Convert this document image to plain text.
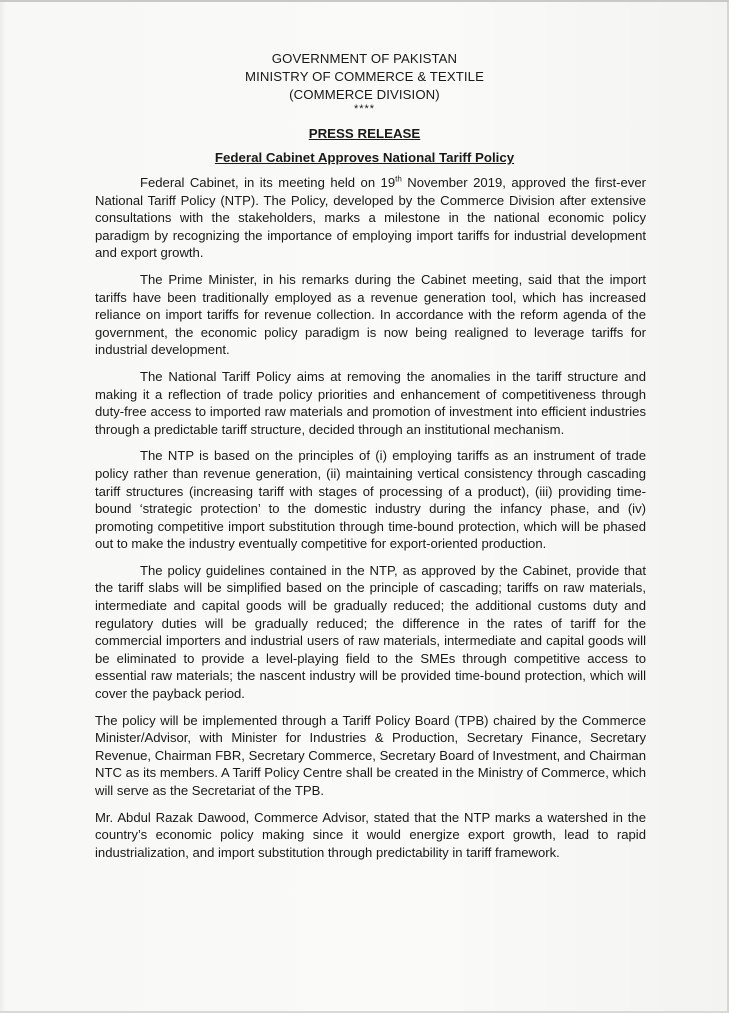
GOVERNMENT OF PAKISTAN
MINISTRY OF COMMERCE & TEXTILE
(COMMERCE DIVISION)
****
PRESS RELEASE
Federal Cabinet Approves National Tariff Policy

Federal Cabinet, in its meeting held on 19th November 2019, approved the first-ever National Tariff Policy (NTP). The Policy, developed by the Commerce Division after extensive consultations with the stakeholders, marks a milestone in the national economic policy paradigm by recognizing the importance of employing import tariffs for industrial development and export growth.

The Prime Minister, in his remarks during the Cabinet meeting, said that the import tariffs have been traditionally employed as a revenue generation tool, which has increased reliance on import tariffs for revenue collection. In accordance with the reform agenda of the government, the economic policy paradigm is now being realigned to leverage tariffs for industrial development.

The National Tariff Policy aims at removing the anomalies in the tariff structure and making it a reflection of trade policy priorities and enhancement of competitiveness through duty-free access to imported raw materials and promotion of investment into efficient industries through a predictable tariff structure, decided through an institutional mechanism.

The NTP is based on the principles of (i) employing tariffs as an instrument of trade policy rather than revenue generation, (ii) maintaining vertical consistency through cascading tariff structures (increasing tariff with stages of processing of a product), (iii) providing time-bound ‘strategic protection’ to the domestic industry during the infancy phase, and (iv) promoting competitive import substitution through time-bound protection, which will be phased out to make the industry eventually competitive for export-oriented production.

The policy guidelines contained in the NTP, as approved by the Cabinet, provide that the tariff slabs will be simplified based on the principle of cascading; tariffs on raw materials, intermediate and capital goods will be gradually reduced; the additional customs duty and regulatory duties will be gradually reduced; the difference in the rates of tariff for the commercial importers and industrial users of raw materials, intermediate and capital goods will be eliminated to provide a level-playing field to the SMEs through competitive access to essential raw materials; the nascent industry will be provided time-bound protection, which will cover the payback period.

The policy will be implemented through a Tariff Policy Board (TPB) chaired by the Commerce Minister/Advisor, with Minister for Industries & Production, Secretary Finance, Secretary Revenue, Chairman FBR, Secretary Commerce, Secretary Board of Investment, and Chairman NTC as its members. A Tariff Policy Centre shall be created in the Ministry of Commerce, which will serve as the Secretariat of the TPB.

Mr. Abdul Razak Dawood, Commerce Advisor, stated that the NTP marks a watershed in the country’s economic policy making since it would energize export growth, lead to rapid industrialization, and import substitution through predictability in tariff framework.
